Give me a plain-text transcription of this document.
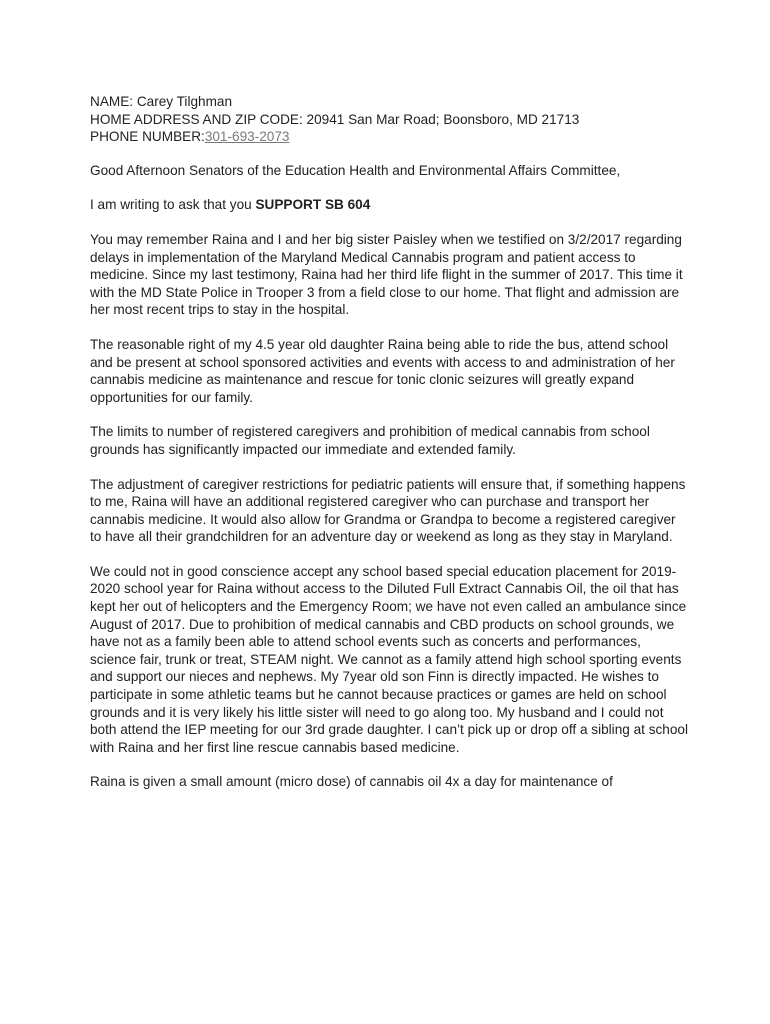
NAME: Carey Tilghman
HOME ADDRESS AND ZIP CODE: 20941 San Mar Road; Boonsboro, MD 21713
PHONE NUMBER:301-693-2073

Good Afternoon Senators of the Education Health and Environmental Affairs Committee,

I am writing to ask that you SUPPORT SB 604

You may remember Raina and I and her big sister Paisley when we testified on 3/2/2017 regarding delays in implementation of the Maryland Medical Cannabis program and patient access to medicine. Since my last testimony, Raina had her third life flight in the summer of 2017. This time it with the MD State Police in Trooper 3 from a field close to our home. That flight and admission are her most recent trips to stay in the hospital.

The reasonable right of my 4.5 year old daughter Raina being able to ride the bus, attend school and be present at school sponsored activities and events with access to and administration of her cannabis medicine as maintenance and rescue for tonic clonic seizures will greatly expand opportunities for our family.

The limits to number of registered caregivers and prohibition of medical cannabis from school grounds has significantly impacted our immediate and extended family.

The adjustment of caregiver restrictions for pediatric patients will ensure that, if something happens to me, Raina will have an additional registered caregiver who can purchase and transport her cannabis medicine. It would also allow for Grandma or Grandpa to become a registered caregiver to have all their grandchildren for an adventure day or weekend as long as they stay in Maryland.

We could not in good conscience accept any school based special education placement for 2019-2020 school year for Raina without access to the Diluted Full Extract Cannabis Oil, the oil that has kept her out of helicopters and the Emergency Room; we have not even called an ambulance since August of 2017. Due to prohibition of medical cannabis and CBD products on school grounds, we have not as a family been able to attend school events such as concerts and performances, science fair, trunk or treat, STEAM night. We cannot as a family attend high school sporting events and support our nieces and nephews. My 7year old son Finn is directly impacted. He wishes to participate in some athletic teams but he cannot because practices or games are held on school grounds and it is very likely his little sister will need to go along too. My husband and I could not both attend the IEP meeting for our 3rd grade daughter. I can’t pick up or drop off a sibling at school with Raina and her first line rescue cannabis based medicine.

Raina is given a small amount (micro dose) of cannabis oil 4x a day for maintenance of
